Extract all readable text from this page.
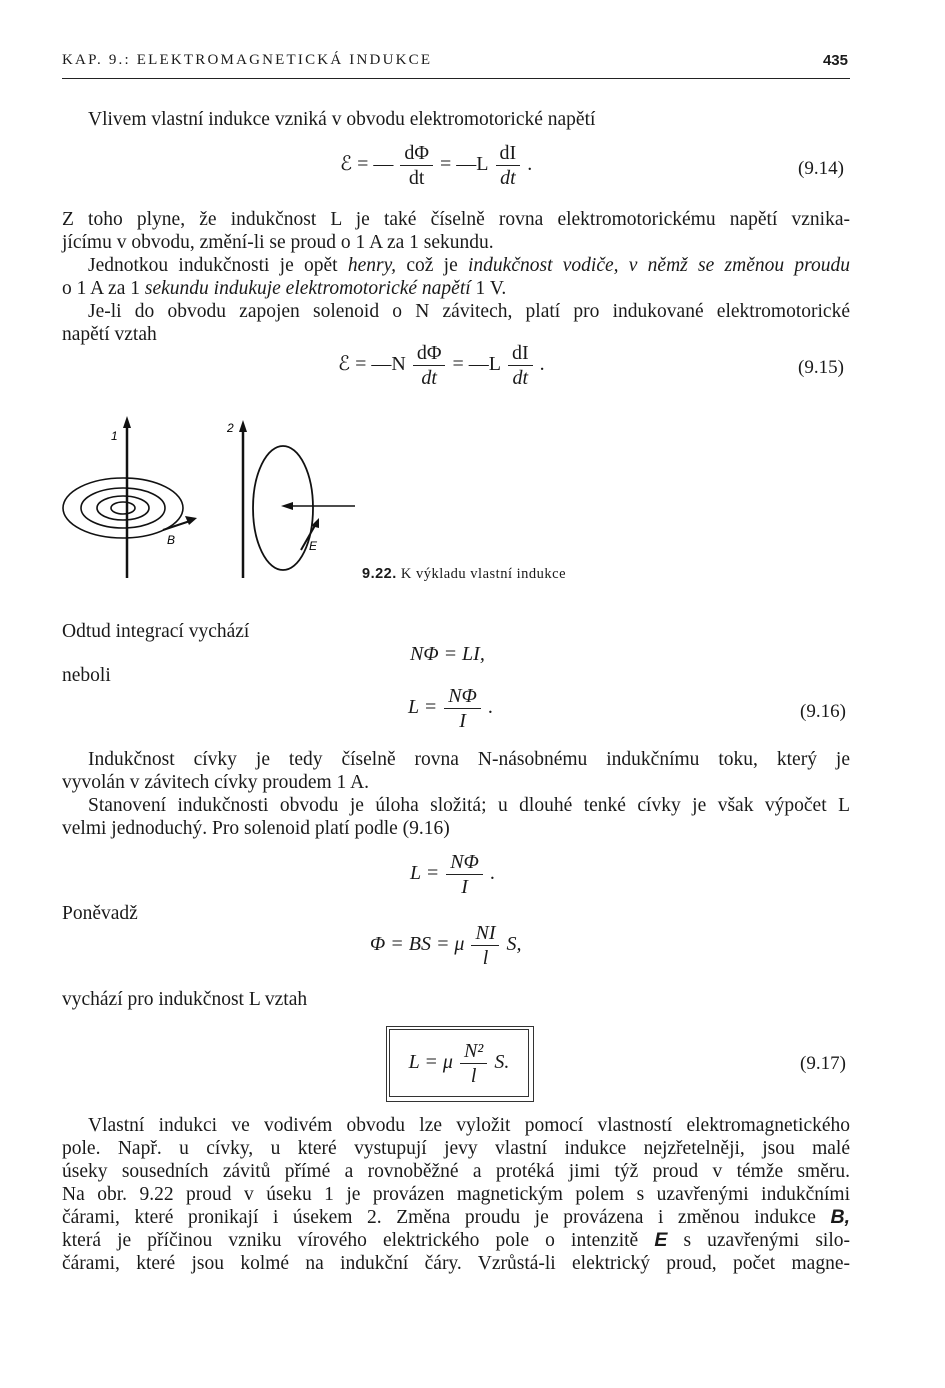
KAP. 9.: ELEKTROMAGNETICKÁ INDUKCE	435
Vlivem vlastní indukce vzniká v obvodu elektromotorické napětí
ℰ = — $\frac{d\Phi}{dt}$ = —L $\frac{dI}{dt}$ .	(9.14)
Z toho plyne, že indukčnost L je také číselně rovna elektromotorickému napětí vznika-
jícímu v obvodu, změní-li se proud o 1 A za 1 sekundu.
Jednotkou indukčnosti je opět henry, což je indukčnost vodiče, v němž se změnou proudu
o 1 A za 1 sekundu indukuje elektromotorické napětí 1 V.
Je-li do obvodu zapojen solenoid o N závitech, platí pro indukované elektromotorické
napětí vztah
ℰ = —N $\frac{d\Phi}{dt}$ = —L $\frac{dI}{dt}$ .	(9.15)
1
B
2
E
9.22. K výkladu vlastní indukce
Odtud integrací vychází
NΦ = LI,
neboli
$L = \frac{N\Phi}{I}$ .	(9.16)
Indukčnost cívky je tedy číselně rovna N-násobnému indukčnímu toku, který je
vyvolán v závitech cívky proudem 1 A.
Stanovení indukčnosti obvodu je úloha složitá; u dlouhé tenké cívky je však výpočet L
velmi jednoduchý. Pro solenoid platí podle (9.16)
$L = \frac{N\Phi}{I}$ .
Poněvadž
Φ = BS = μ $\frac{NI}{l} S$,
vychází pro indukčnost L vztah
L = μ $\frac{\text{N²}}{l} S$.	(9.17)
Vlastní indukci ve vodivém obvodu lze vyložit pomocí vlastností elektromagnetického
pole. Např. u cívky, u které vystupují jevy vlastní indukce nejzřetelněji, jsou malé
úseky sousedních závitů přímé a rovnoběžné a protéká jimi týž proud v témže směru.
Na obr. 9.22 proud v úseku 1 je provázen magnetickým polem s uzavřenými indukčními
čárami, které pronikají i úsekem 2. Změna proudu je provázena i změnou indukce B,
která je příčinou vzniku vírového elektrického pole o intenzitě E s uzavřenými silo-
čárami, které jsou kolmé na indukční čáry. Vzrůstá-li elektrický proud, počet magne-
